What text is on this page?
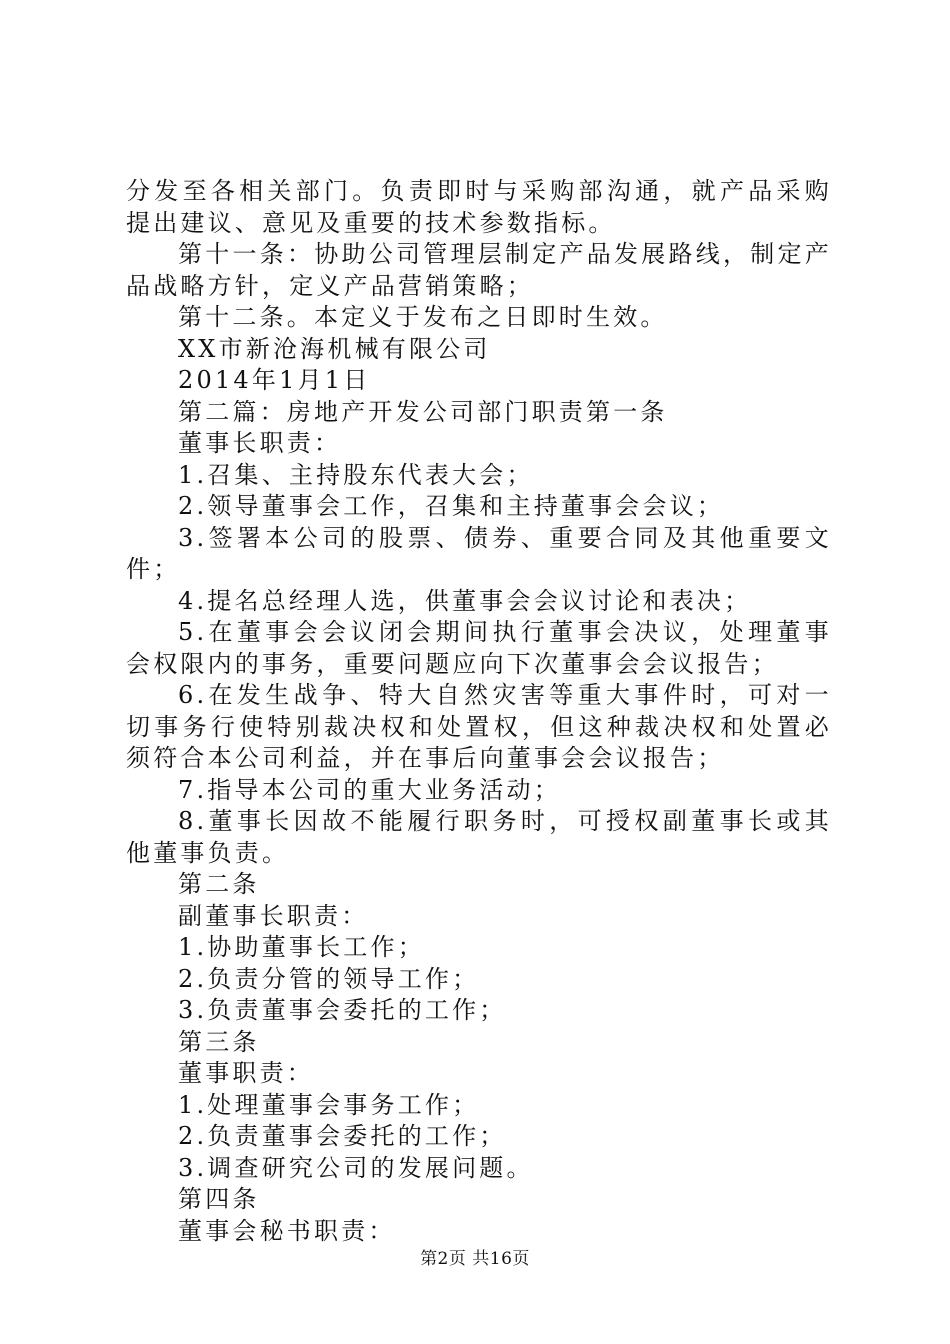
分发至各相关部门。负责即时与采购部沟通，就产品采购提出建议、意见及重要的技术参数指标。

第十一条：协助公司管理层制定产品发展路线，制定产品战略方针，定义产品营销策略；

第十二条。本定义于发布之日即时生效。

XX市新沧海机械有限公司

2014年1月1日

第二篇：房地产开发公司部门职责第一条

董事长职责：

1.召集、主持股东代表大会；

2.领导董事会工作，召集和主持董事会会议；

3.签署本公司的股票、债券、重要合同及其他重要文件；

4.提名总经理人选，供董事会会议讨论和表决；

5.在董事会会议闭会期间执行董事会决议，处理董事会权限内的事务，重要问题应向下次董事会会议报告；

6.在发生战争、特大自然灾害等重大事件时，可对一切事务行使特别裁决权和处置权，但这种裁决权和处置必须符合本公司利益，并在事后向董事会会议报告；

7.指导本公司的重大业务活动；

8.董事长因故不能履行职务时，可授权副董事长或其他董事负责。

第二条

副董事长职责：

1.协助董事长工作；

2.负责分管的领导工作；

3.负责董事会委托的工作；

第三条

董事职责：

1.处理董事会事务工作；

2.负责董事会委托的工作；

3.调查研究公司的发展问题。

第四条

董事会秘书职责：

第2页 共16页
